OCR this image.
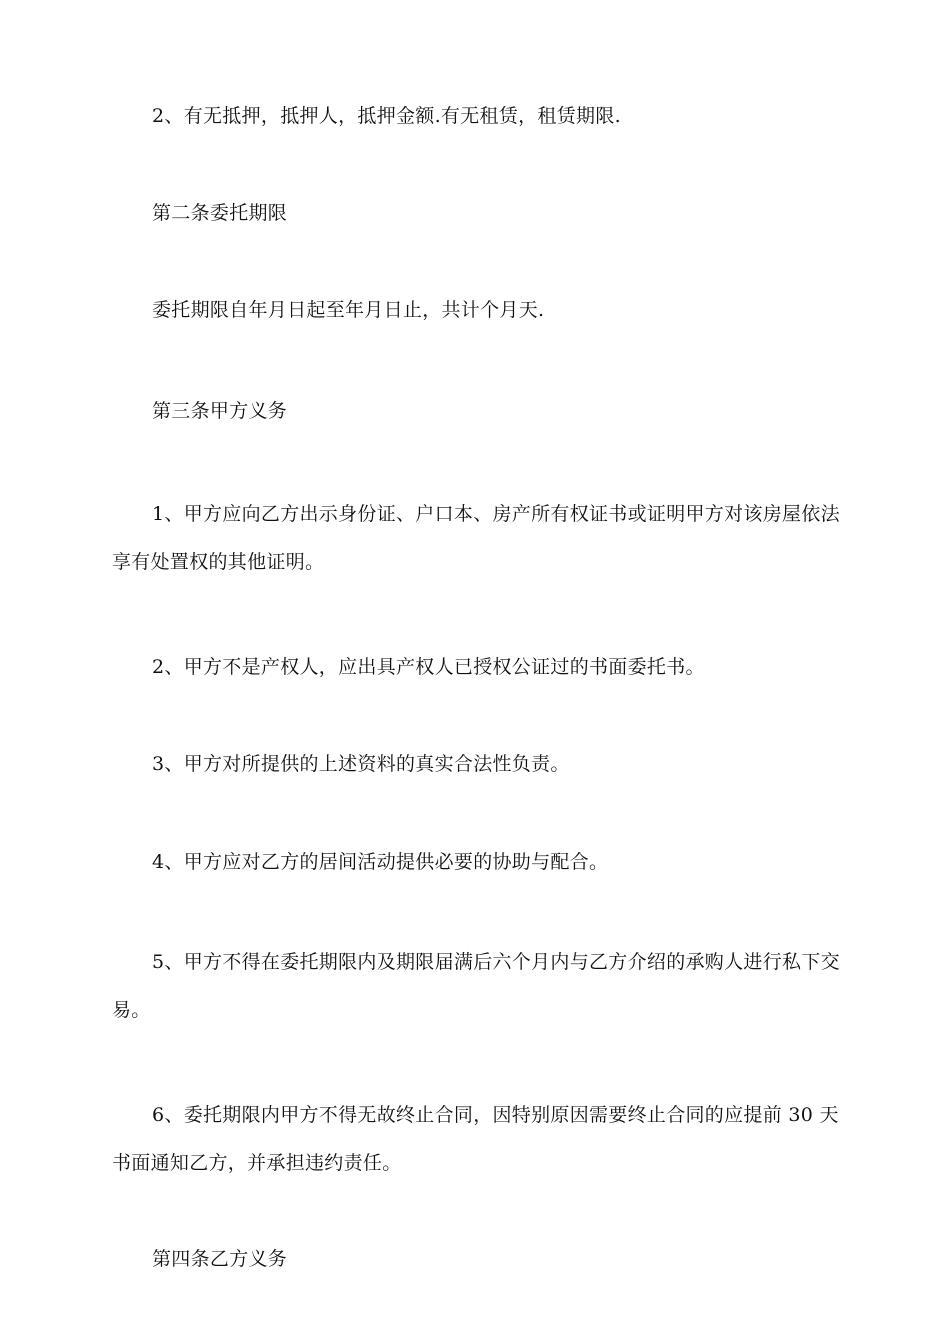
2、有无抵押，抵押人，抵押金额.有无租赁，租赁期限.

第二条委托期限

委托期限自年月日起至年月日止，共计个月天.

第三条甲方义务

1、甲方应向乙方出示身份证、户口本、房产所有权证书或证明甲方对该房屋依法
享有处置权的其他证明。

2、甲方不是产权人，应出具产权人已授权公证过的书面委托书。

3、甲方对所提供的上述资料的真实合法性负责。

4、甲方应对乙方的居间活动提供必要的协助与配合。

5、甲方不得在委托期限内及期限届满后六个月内与乙方介绍的承购人进行私下交
易。
6、委托期限内甲方不得无故终止合同，因特别原因需要终止合同的应提前 30 天
书面通知乙方，并承担违约责任。

第四条乙方义务
